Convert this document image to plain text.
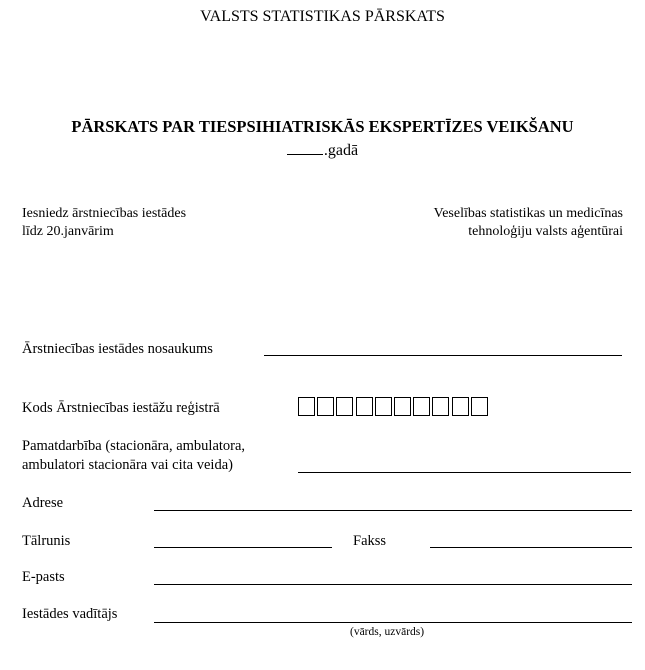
VALSTS STATISTIKAS PĀRSKATS
PĀRSKATS PAR TIESPSIHIATRISKĀS EKSPERTĪZES VEIKŠANU
.gadā
Iesniedz ārstniecības iestādes
līdz 20.janvārim
Veselības statistikas un medicīnas
tehnoloģiju valsts aģentūrai
Ārstniecības iestādes nosaukums
Kods Ārstniecības iestāžu reģistrā
Pamatdarbība (stacionāra, ambulatora,
ambulatori stacionāra vai cita veida)
Adrese
Tālrunis	Fakss
E-pasts
Iestādes vadītājs
(vārds, uzvārds)
